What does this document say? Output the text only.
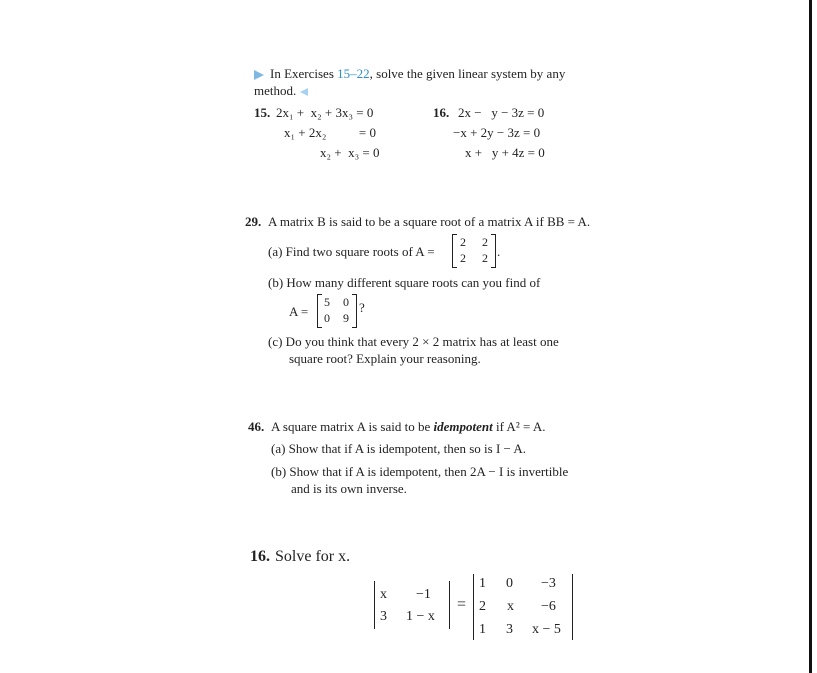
In Exercises 15–22, solve the given linear system by any
method.
15. 2x₁ +  x₂ + 3x₃ = 0
x₁ + 2x₂          = 0
x₂ +  x₃ = 0
16. 2x −   y − 3z = 0
−x + 2y − 3z = 0
x +   y + 4z = 0
29. A matrix B is said to be a square root of a matrix A if BB = A.
(a) Find two square roots of A =
2 2
2 2 .
(b) How many different square roots can you find of
A =
5 0
0 9
?
(c) Do you think that every 2 × 2 matrix has at least one
square root? Explain your reasoning.
46. A square matrix A is said to be idempotent if A² = A.
(a) Show that if A is idempotent, then so is I − A.
(b) Show that if A is idempotent, then 2A − I is invertible
and is its own inverse.
16. Solve for x.
x −1
3 1 − x
=
1 0 −3
2 x −6
1 3 x − 5
